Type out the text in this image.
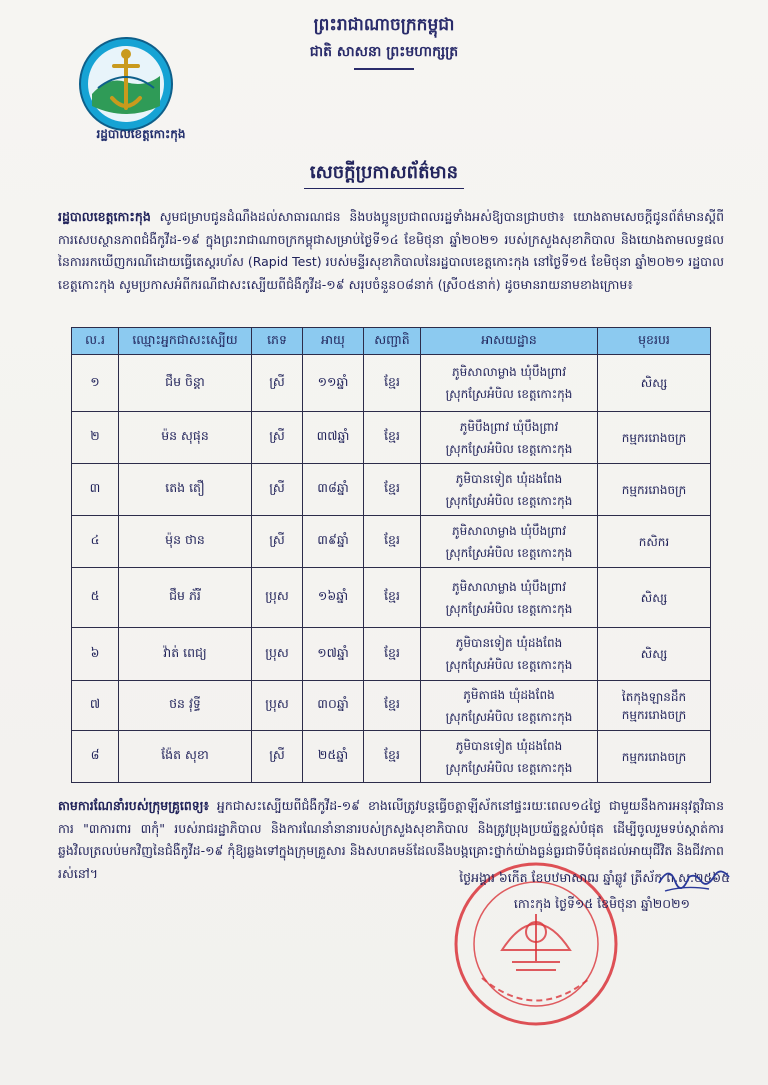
ព្រះរាជាណាចក្រកម្ពុជា
ជាតិ សាសនា ព្រះមហាក្សត្រ
រដ្ឋបាលខេត្តកោះកុង
សេចក្តីប្រកាសព័ត៌មាន
រដ្ឋបាលខេត្តកោះកុង សូមជម្រាបជូនដំណឹងដល់សាធារណជន និងបងប្អូនប្រជាពលរដ្ឋទាំងអស់ឱ្យបានជ្រាបថា៖ យោងតាមសេចក្ដីជូនព័ត៌មានស្ដីពីការសេបស្ថានភាពជំងឺកូវីដ-១៩ ក្នុងព្រះរាជាណាចក្រកម្ពុជាសម្រាប់ថ្ងៃទី១៤ ខែមិថុនា ឆ្នាំ២០២១ របស់ក្រសួងសុខាភិបាល និងយោងតាមលទ្ធផលនៃការរកឃើញករណីដោយធ្វើតេស្តរហ័ស (Rapid Test) របស់មន្ទីរសុខាភិបាលនៃរដ្ឋបាលខេត្តកោះកុង នៅថ្ងៃទី១៥ ខែមិថុនា ឆ្នាំ២០២១ រដ្ឋបាលខេត្តកោះកុង សូមប្រកាសអំពីករណីជាសះស្បើយពីជំងឺកូវីដ-១៩ សរុបចំនួន០៨នាក់ (ស្រី០៥នាក់) ដូចមានរាយនាមខាងក្រោម៖
ល.រ	ឈ្មោះអ្នកជាសះស្បើយ	ភេទ	អាយុ	សញ្ជាតិ	អាសយដ្ឋាន	មុខរបរ
១	ជឹម ចិន្តា	ស្រី	១១ឆ្នាំ	ខ្មែរ	ភូមិសាលាម្លាង ឃុំបឹងព្រាវ
ស្រុកស្រែអំបិល ខេត្តកោះកុង	សិស្ស
២	ម៉ន សុផុន	ស្រី	៣៧ឆ្នាំ	ខ្មែរ	ភូមិបឹងព្រាវ ឃុំបឹងព្រាវ
ស្រុកស្រែអំបិល ខេត្តកោះកុង	កម្មកររោងចក្រ
៣	តេង តឿ	ស្រី	៣៨ឆ្នាំ	ខ្មែរ	ភូមិបានទៀត ឃុំដងពែង
ស្រុកស្រែអំបិល ខេត្តកោះកុង	កម្មកររោងចក្រ
៤	ម៉ុន ថាន	ស្រី	៣៩ឆ្នាំ	ខ្មែរ	ភូមិសាលាម្លាង ឃុំបឹងព្រាវ
ស្រុកស្រែអំបិល ខេត្តកោះកុង	កសិករ
៥	ជឹម ភ័រី	ប្រុស	១៦ឆ្នាំ	ខ្មែរ	ភូមិសាលាម្លាង ឃុំបឹងព្រាវ
ស្រុកស្រែអំបិល ខេត្តកោះកុង	សិស្ស
៦	វ៉ាត់ ពេជ្យ	ប្រុស	១៧ឆ្នាំ	ខ្មែរ	ភូមិបានទៀត ឃុំដងពែង
ស្រុកស្រែអំបិល ខេត្តកោះកុង	សិស្ស
៧	ថន វុទ្ធី	ប្រុស	៣០ឆ្នាំ	ខ្មែរ	ភូមិតាផង ឃុំដងពែង
ស្រុកស្រែអំបិល ខេត្តកោះកុង	តៃកុងឡានដឹក កម្មកររោងចក្រ
៨	ង៉ែត សុខា	ស្រី	២៥ឆ្នាំ	ខ្មែរ	ភូមិបានទៀត ឃុំដងពែង
ស្រុកស្រែអំបិល ខេត្តកោះកុង	កម្មកររោងចក្រ
តាមការណែនាំរបស់ក្រុមគ្រូពេទ្យ៖ អ្នកជាសះស្បើយពីជំងឺកូវីដ-១៩ ខាងលើត្រូវបន្តធ្វើចត្តាឡីស័កនៅផ្ទះរយៈពេល១៤ថ្ងៃ ជាមួយនឹងការអនុវត្តវិធានការ "៣ការពារ ៣កុំ" របស់រាជរដ្ឋាភិបាល និងការណែនាំនានារបស់ក្រសួងសុខាភិបាល និងត្រូវប្រុងប្រយ័ត្នខ្ពស់បំផុត ដើម្បីចូលរួមទប់ស្កាត់ការឆ្លងវិលត្រលប់មកវិញនៃជំងឺកូវីដ-១៩ កុំឱ្យឆ្លងទៅក្នុងក្រុមគ្រួសារ និងសហគមន៍ដែលនឹងបង្កគ្រោះថ្នាក់យ៉ាងធ្ងន់ធ្ងរជាទីបំផុតដល់អាយុជីវិត និងជីវភាពរស់នៅ។	ថ្ងៃអង្គារ ៦កើត ខែបឋមាសាឍ ឆ្នាំឆ្លូវ ត្រីស័ក ព.ស.២៥៦៥
កោះកុង ថ្ងៃទី១៥ ខែមិថុនា ឆ្នាំ២០២១
